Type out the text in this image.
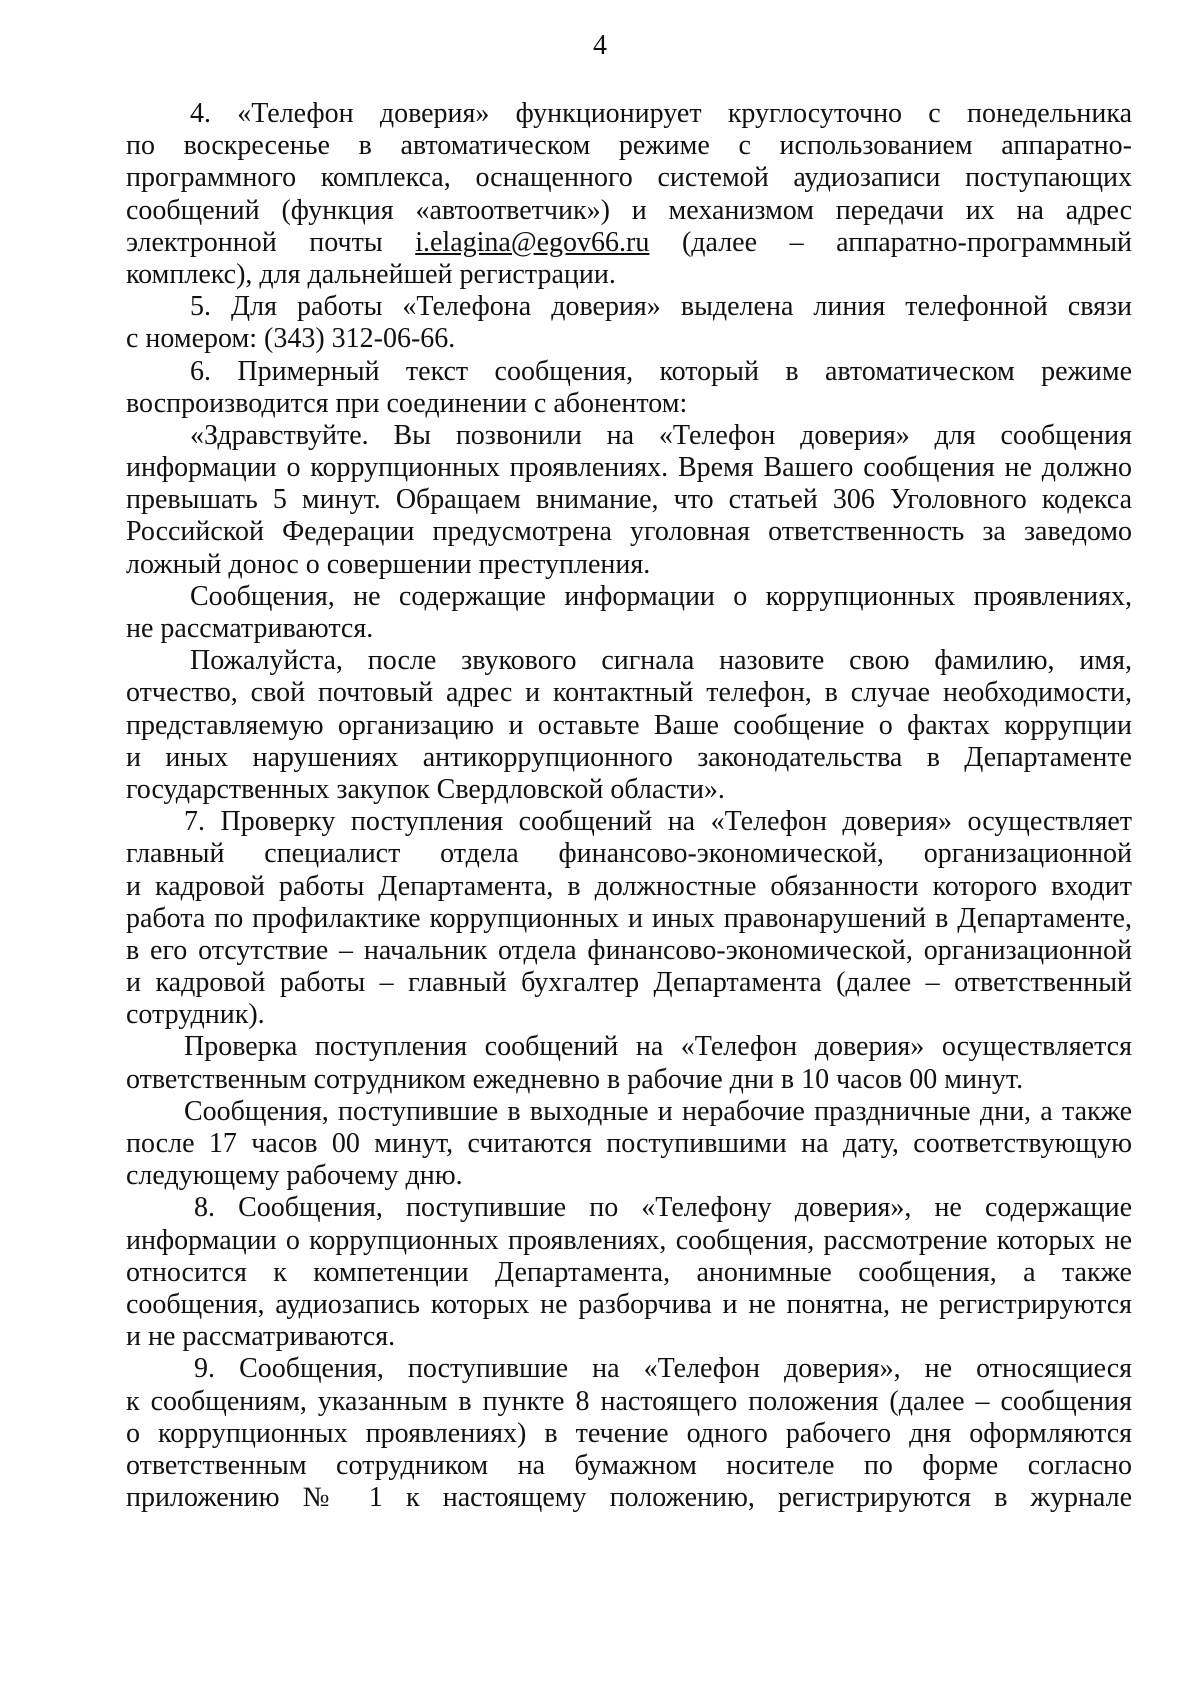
4
4. «Телефон доверия» функционирует круглосуточно с понедельника
по воскресенье в автоматическом режиме с использованием аппаратно-
программного комплекса, оснащенного системой аудиозаписи поступающих
сообщений (функция «автоответчик») и механизмом передачи их на адрес
электронной почты i.elagina@egov66.ru (далее – аппаратно-программный
комплекс), для дальнейшей регистрации.
5. Для работы «Телефона доверия» выделена линия телефонной связи
с номером: (343) 312-06-66.
6. Примерный текст сообщения, который в автоматическом режиме
воспроизводится при соединении с абонентом:
«Здравствуйте. Вы позвонили на «Телефон доверия» для сообщения
информации о коррупционных проявлениях. Время Вашего сообщения не должно
превышать 5 минут. Обращаем внимание, что статьей 306 Уголовного кодекса
Российской Федерации предусмотрена уголовная ответственность за заведомо
ложный донос о совершении преступления.
Сообщения, не содержащие информации о коррупционных проявлениях,
не рассматриваются.
Пожалуйста, после звукового сигнала назовите свою фамилию, имя,
отчество, свой почтовый адрес и контактный телефон, в случае необходимости,
представляемую организацию и оставьте Ваше сообщение о фактах коррупции
и иных нарушениях антикоррупционного законодательства в Департаменте
государственных закупок Свердловской области».
7. Проверку поступления сообщений на «Телефон доверия» осуществляет
главный специалист отдела финансово-экономической, организационной
и кадровой работы Департамента, в должностные обязанности которого входит
работа по профилактике коррупционных и иных правонарушений в Департаменте,
в его отсутствие – начальник отдела финансово-экономической, организационной
и кадровой работы – главный бухгалтер Департамента (далее – ответственный
сотрудник).
Проверка поступления сообщений на «Телефон доверия» осуществляется
ответственным сотрудником ежедневно в рабочие дни в 10 часов 00 минут.
Сообщения, поступившие в выходные и нерабочие праздничные дни, а также
после 17 часов 00 минут, считаются поступившими на дату, соответствующую
следующему рабочему дню.
8. Сообщения, поступившие по «Телефону доверия», не содержащие
информации о коррупционных проявлениях, сообщения, рассмотрение которых не
относится к компетенции Департамента, анонимные сообщения, а также
сообщения, аудиозапись которых не разборчива и не понятна, не регистрируются
и не рассматриваются.
9. Сообщения, поступившие на «Телефон доверия», не относящиеся
к сообщениям, указанным в пункте 8 настоящего положения (далее – сообщения
о коррупционных проявлениях) в течение одного рабочего дня оформляются
ответственным сотрудником на бумажном носителе по форме согласно
приложению № 1 к настоящему положению, регистрируются в журнале
